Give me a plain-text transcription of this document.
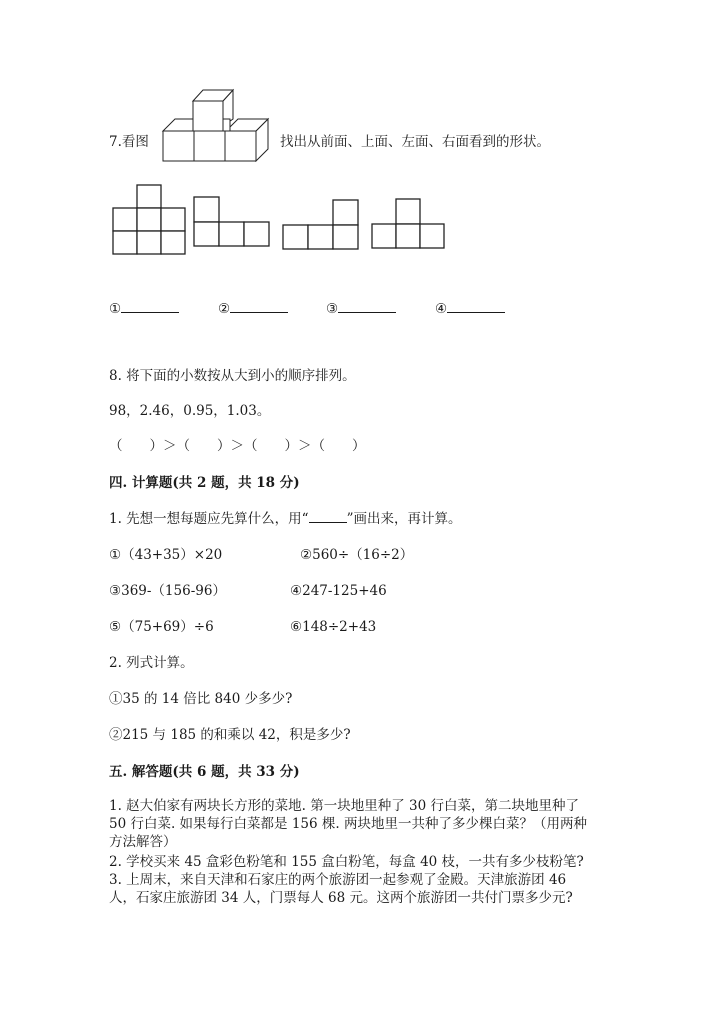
7.看图	找出从前面、上面、左面、右面看到的形状。
①	②	③	④
8. 将下面的小数按从大到小的顺序排列。
98，2.46，0.95，1.03。
（　　）＞（　　）＞（　　）＞（　　）
四. 计算题(共 2 题，共 18 分)
1. 先想一想每题应先算什么，用“	”画出来，再计算。
①（43+35）×20	②560÷（16÷2）
③369-（156-96）	④247-125+46
⑤（75+69）÷6	⑥148÷2+43
2. 列式计算。
①35 的 14 倍比 840 少多少?
②215 与 185 的和乘以 42，积是多少?
五. 解答题(共 6 题，共 33 分)
1. 赵大伯家有两块长方形的菜地. 第一块地里种了 30 行白菜，第二块地里种了
50 行白菜. 如果每行白菜都是 156 棵. 两块地里一共种了多少棵白菜？（用两种
方法解答）
2. 学校买来 45 盒彩色粉笔和 155 盒白粉笔，每盒 40 枝，一共有多少枝粉笔?
3. 上周末，来自天津和石家庄的两个旅游团一起参观了金殿。天津旅游团 46
人，石家庄旅游团 34 人，门票每人 68 元。这两个旅游团一共付门票多少元?
